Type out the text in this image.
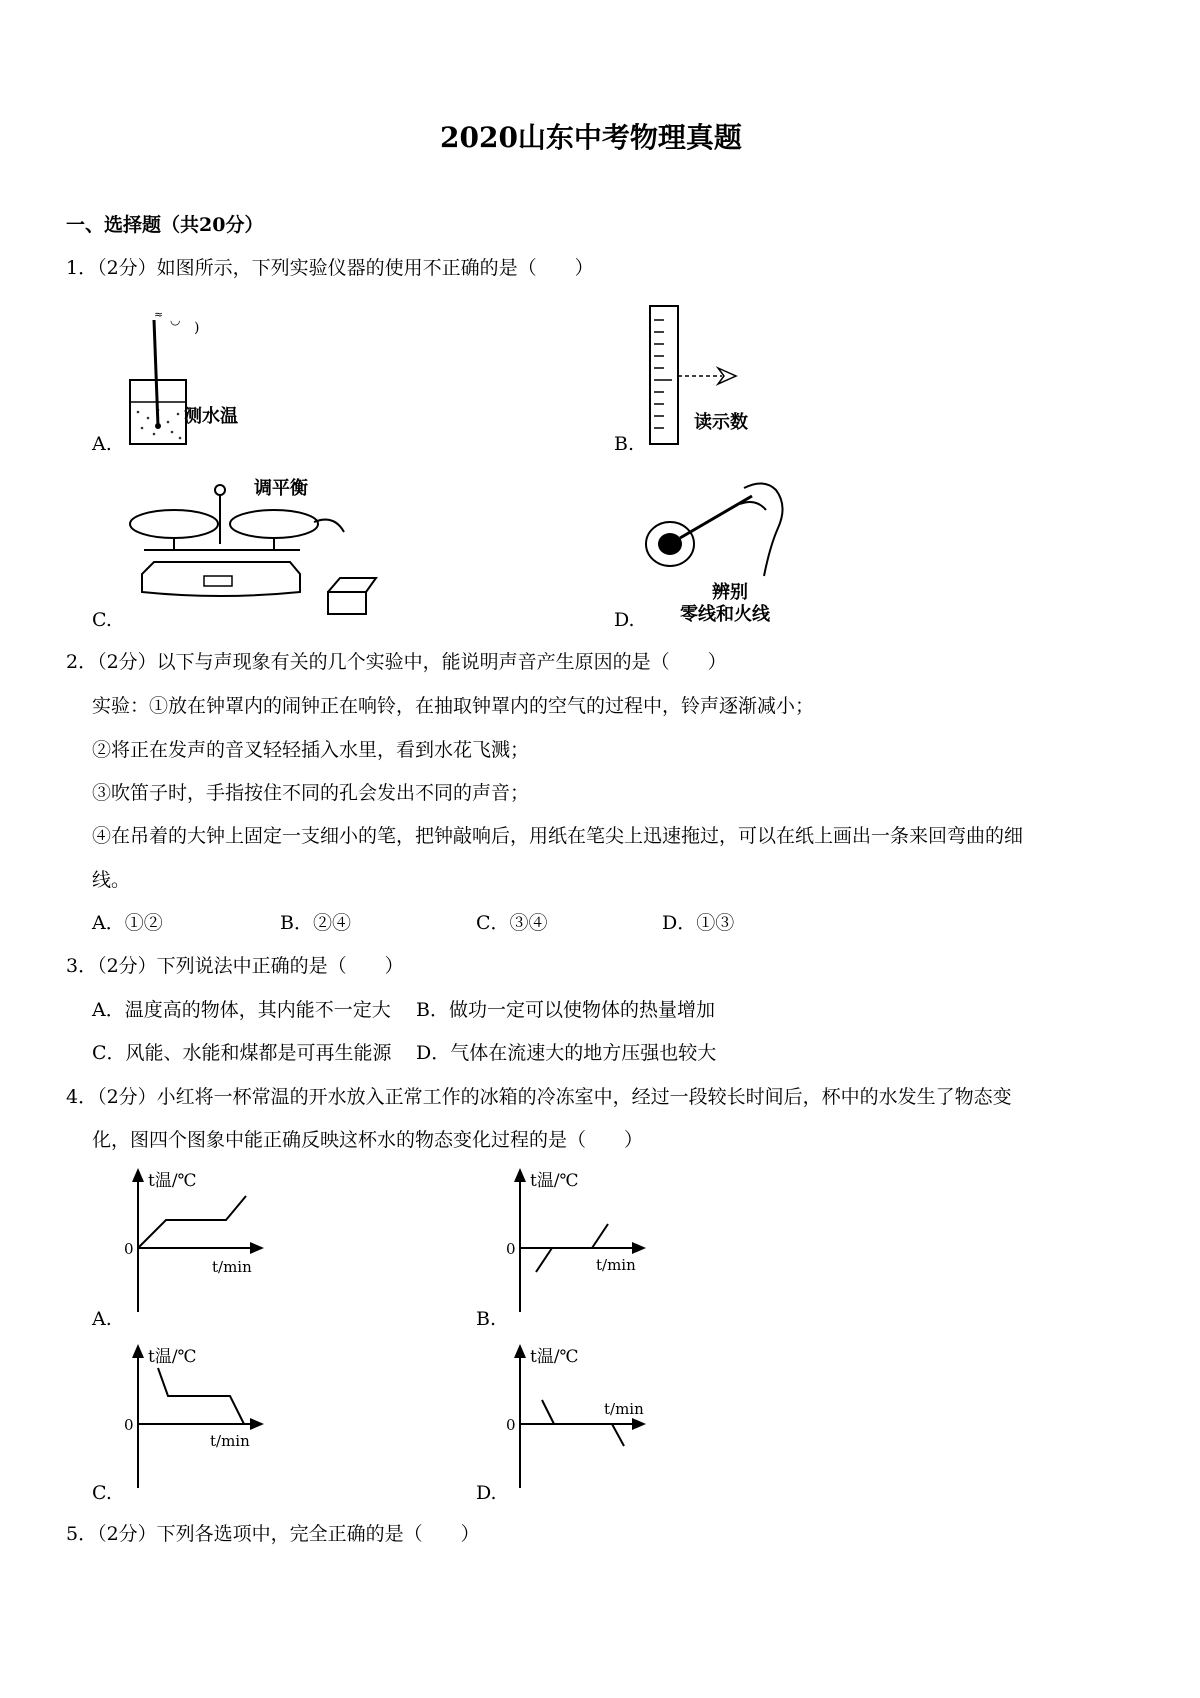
2020山东中考物理真题
一、选择题（共20分）
1．（2分）如图所示，下列实验仪器的使用不正确的是（　　）
≈ ◡ )
测水温
A.
读示数
B.
调平衡
C.
辨别
零线和火线
D.
2．（2分）以下与声现象有关的几个实验中，能说明声音产生原因的是（　　）
实验：①放在钟罩内的闹钟正在响铃，在抽取钟罩内的空气的过程中，铃声逐渐减小；
②将正在发声的音叉轻轻插入水里，看到水花飞溅；
③吹笛子时，手指按住不同的孔会发出不同的声音；
④在吊着的大钟上固定一支细小的笔，把钟敲响后，用纸在笔尖上迅速拖过，可以在纸上画出一条来回弯曲的细
线。
A．①②	B．②④	C．③④	D．①③
3．（2分）下列说法中正确的是（　　）
A．温度高的物体，其内能不一定大 B．做功一定可以使物体的热量增加
C．风能、水能和煤都是可再生能源 D．气体在流速大的地方压强也较大
4．（2分）小红将一杯常温的开水放入正常工作的冰箱的冷冻室中，经过一段较长时间后，杯中的水发生了物态变
化，图四个图象中能正确反映这杯水的物态变化过程的是（　　）
t温/℃
0
t/min
A.
t温/℃
0
t/min
B.
t温/℃
0
t/min
C.
t温/℃
0
t/min
D.
5．（2分）下列各选项中，完全正确的是（　　）
